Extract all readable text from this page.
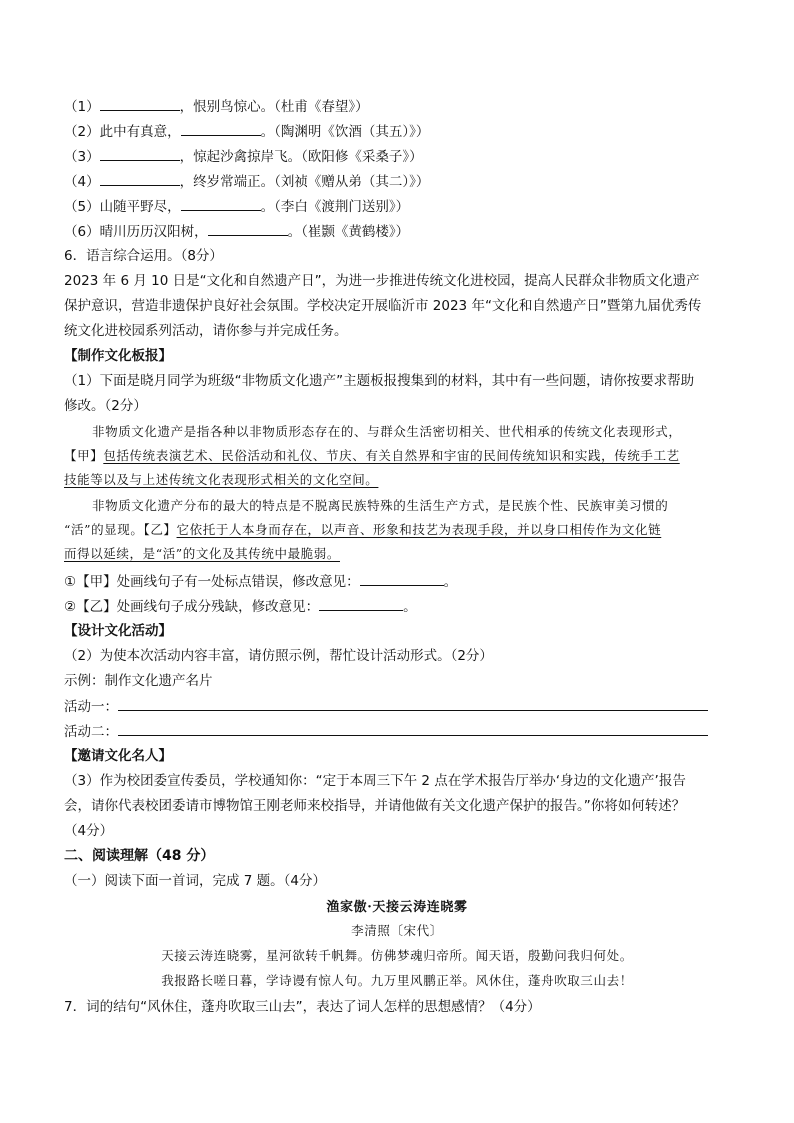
（1）	，恨别鸟惊心。（杜甫《春望》）
（2）此中有真意，	。（陶渊明《饮酒（其五）》）
（3）	，惊起沙禽掠岸飞。（欧阳修《采桑子》）
（4）	，终岁常端正。（刘祯《赠从弟（其二）》）
（5）山随平野尽，	。（李白《渡荆门送别》）
（6）晴川历历汉阳树，	。（崔颢《黄鹤楼》）
6．语言综合运用。（8分）
2023 年 6 月 10 日是“文化和自然遗产日”，为进一步推进传统文化进校园，提高人民群众非物质文化遗产
保护意识，营造非遗保护良好社会氛围。学校决定开展临沂市 2023 年“文化和自然遗产日”暨第九届优秀传
统文化进校园系列活动，请你参与并完成任务。
【制作文化板报】
（1）下面是晓月同学为班级“非物质文化遗产”主题板报搜集到的材料，其中有一些问题，请你按要求帮助
修改。（2分）
非物质文化遗产是指各种以非物质形态存在的、与群众生活密切相关、世代相承的传统文化表现形式，
【甲】包括传统表演艺术、民俗活动和礼仪、节庆、有关自然界和宇宙的民间传统知识和实践，传统手工艺
技能等以及与上述传统文化表现形式相关的文化空间。
非物质文化遗产分布的最大的特点是不脱离民族特殊的生活生产方式，是民族个性、民族审美习惯的
“活”的显现。【乙】它依托于人本身而存在，以声音、形象和技艺为表现手段，并以身口相传作为文化链
而得以延续，是“活”的文化及其传统中最脆弱。
①【甲】处画线句子有一处标点错误，修改意见：	。
②【乙】处画线句子成分残缺，修改意见：	。
【设计文化活动】
（2）为使本次活动内容丰富，请仿照示例，帮忙设计活动形式。（2分）
示例：制作文化遗产名片
活动一：
活动二：
【邀请文化名人】
（3）作为校团委宣传委员，学校通知你：“定于本周三下午 2 点在学术报告厅举办‘身边的文化遗产’报告
会，请你代表校团委请市博物馆王刚老师来校指导，并请他做有关文化遗产保护的报告。”你将如何转述？
（4分）
二、阅读理解（48 分）
（一）阅读下面一首词，完成 7 题。（4分）
渔家傲·天接云涛连晓雾
李清照〔宋代〕
天接云涛连晓雾，星河欲转千帆舞。仿佛梦魂归帝所。闻天语，殷勤问我归何处。
我报路长嗟日暮，学诗谩有惊人句。九万里风鹏正举。风休住，蓬舟吹取三山去！
7．词的结句“风休住，蓬舟吹取三山去”，表达了词人怎样的思想感情？（4分）
